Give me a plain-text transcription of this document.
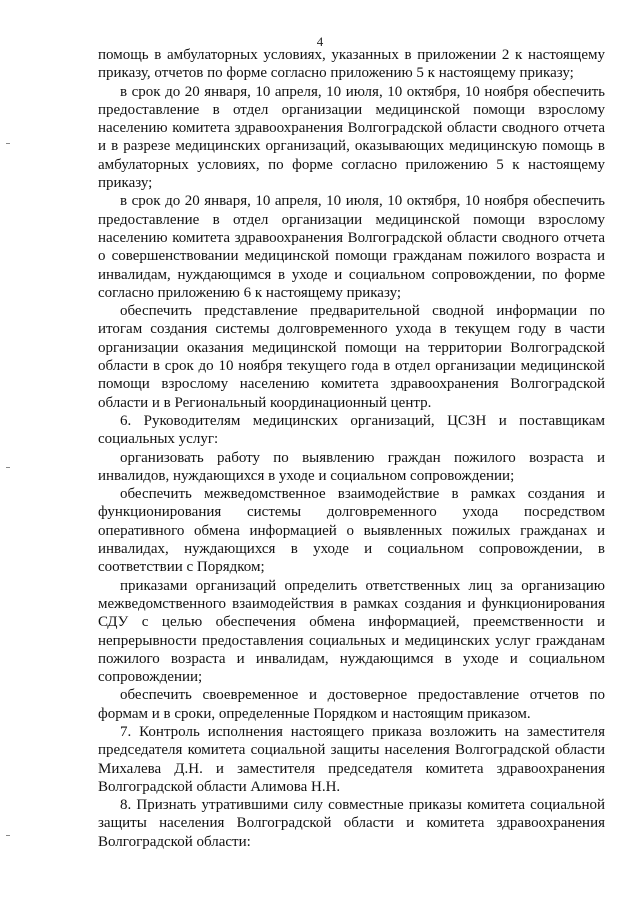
4

помощь в амбулаторных условиях, указанных в приложении 2 к настоящему приказу, отчетов по форме согласно приложению 5 к настоящему приказу;

в срок до 20 января, 10 апреля, 10 июля, 10 октября, 10 ноября обеспечить предоставление в отдел организации медицинской помощи взрослому населению комитета здравоохранения Волгоградской области сводного отчета и в разрезе медицинских организаций, оказывающих медицинскую помощь в амбулаторных условиях, по форме согласно приложению 5 к настоящему приказу;

в срок до 20 января, 10 апреля, 10 июля, 10 октября, 10 ноября обеспечить предоставление в отдел организации медицинской помощи взрослому населению комитета здравоохранения Волгоградской области сводного отчета о совершенствовании медицинской помощи гражданам пожилого возраста и инвалидам, нуждающимся в уходе и социальном сопровождении, по форме согласно приложению 6 к настоящему приказу;

обеспечить представление предварительной сводной информации по итогам создания системы долговременного ухода в текущем году в части организации оказания медицинской помощи на территории Волгоградской области в срок до 10 ноября текущего года в отдел организации медицинской помощи взрослому населению комитета здравоохранения Волгоградской области и в Региональный координационный центр.

6. Руководителям медицинских организаций, ЦСЗН и поставщикам социальных услуг:

организовать работу по выявлению граждан пожилого возраста и инвалидов, нуждающихся в уходе и социальном сопровождении;

обеспечить межведомственное взаимодействие в рамках создания и функционирования системы долговременного ухода посредством оперативного обмена информацией о выявленных пожилых гражданах и инвалидах, нуждающихся в уходе и социальном сопровождении, в соответствии с Порядком;

приказами организаций определить ответственных лиц за организацию межведомственного взаимодействия в рамках создания и функционирования СДУ с целью обеспечения обмена информацией, преемственности и непрерывности предоставления социальных и медицинских услуг гражданам пожилого возраста и инвалидам, нуждающимся в уходе и социальном сопровождении;

обеспечить своевременное и достоверное предоставление отчетов по формам и в сроки, определенные Порядком и настоящим приказом.

7. Контроль исполнения настоящего приказа возложить на заместителя председателя комитета социальной защиты населения Волгоградской области Михалева Д.Н. и заместителя председателя комитета здравоохранения Волгоградской области Алимова Н.Н.

8. Признать утратившими силу совместные приказы комитета социальной защиты населения Волгоградской области и комитета здравоохранения Волгоградской области:
